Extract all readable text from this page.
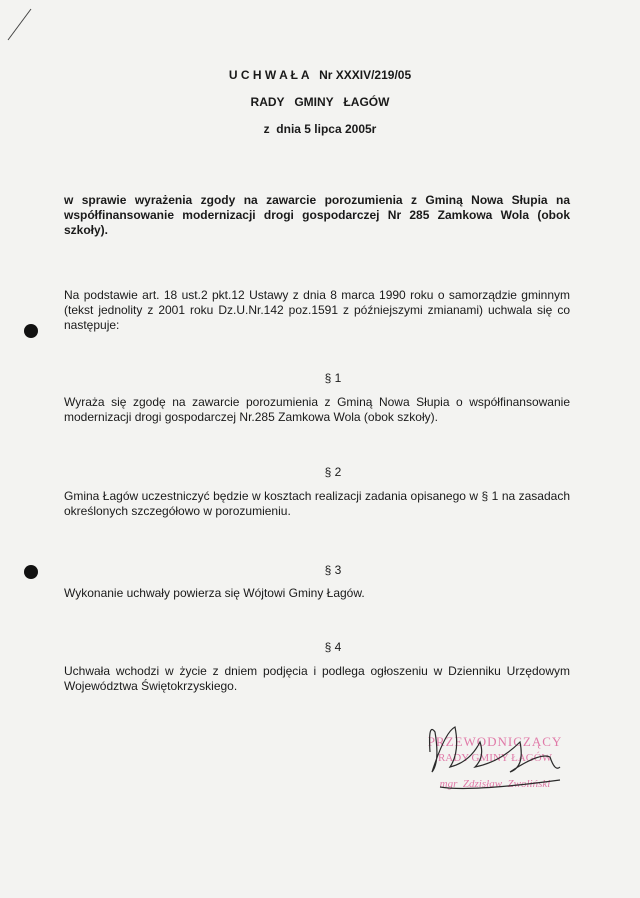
U C H W A Ł A   Nr XXXIV/219/05
RADY   GMINY   ŁAGÓW
z  dnia 5 lipca 2005r
w sprawie wyrażenia zgody na zawarcie porozumienia z Gminą Nowa Słupia na współfinansowanie modernizacji drogi gospodarczej Nr 285 Zamkowa Wola (obok szkoły).
Na podstawie art. 18 ust.2 pkt.12 Ustawy z dnia 8 marca 1990 roku o samorządzie gminnym (tekst jednolity z 2001 roku Dz.U.Nr.142 poz.1591 z późniejszymi zmianami) uchwala się co następuje:
§ 1
Wyraża się zgodę na zawarcie porozumienia z Gminą Nowa Słupia o współfinansowanie modernizacji drogi gospodarczej Nr.285 Zamkowa Wola (obok szkoły).
§ 2
Gmina Łagów uczestniczyć będzie w kosztach realizacji zadania opisanego w § 1 na zasadach określonych szczegółowo w porozumieniu.
§ 3
Wykonanie uchwały powierza się Wójtowi Gminy Łagów.
§ 4
Uchwała wchodzi w życie z dniem podjęcia i podlega ogłoszeniu w Dzienniku Urzędowym Województwa Świętokrzyskiego.
PRZEWODNICZĄCY
RADY GMINY ŁAGÓW
mgr  Zdzisław  Zwoliński
